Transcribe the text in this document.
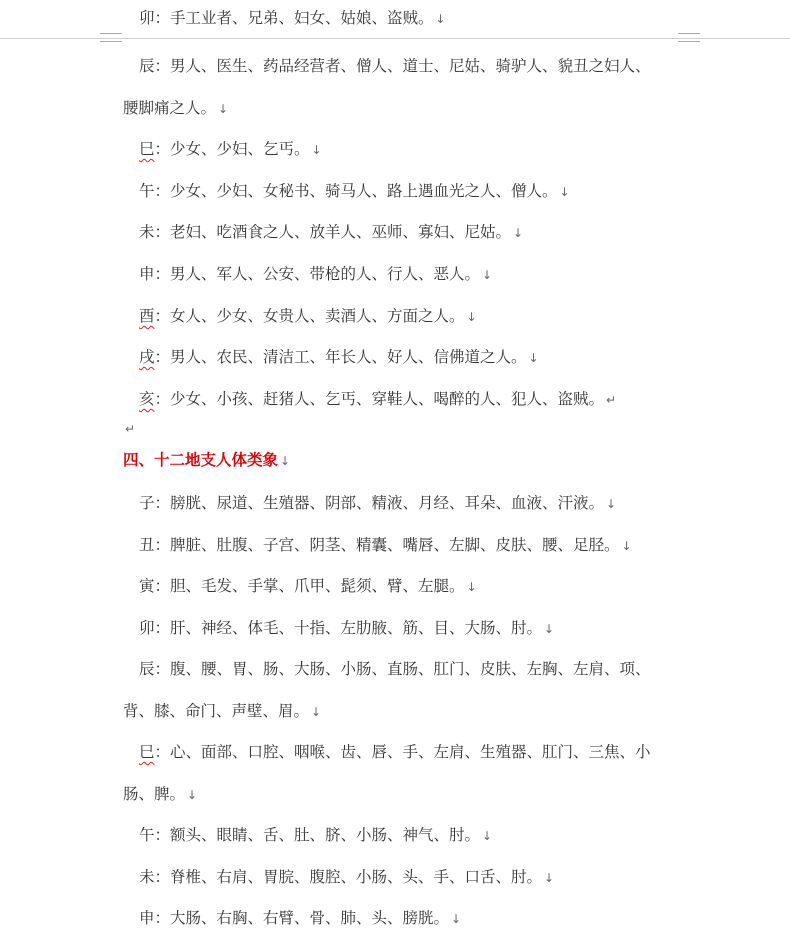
卯：手工业者、兄弟、妇女、姑娘、盗贼。 ↓
辰：男人、医生、药品经营者、僧人、道士、尼姑、骑驴人、貌丑之妇人、
腰脚痛之人。 ↓
巳：少女、少妇、乞丐。 ↓
午：少女、少妇、女秘书、骑马人、路上遇血光之人、僧人。 ↓
未：老妇、吃酒食之人、放羊人、巫师、寡妇、尼姑。 ↓
申：男人、军人、公安、带枪的人、行人、恶人。 ↓
酉：女人、少女、女贵人、卖酒人、方面之人。 ↓
戌：男人、农民、清洁工、年长人、好人、信佛道之人。 ↓
亥：少女、小孩、赶猪人、乞丐、穿鞋人、喝醉的人、犯人、盗贼。 ↵
↵
四、十二地支人体类象 ↓
子：膀胱、尿道、生殖器、阴部、精液、月经、耳朵、血液、汗液。 ↓
丑：脾脏、肚腹、子宫、阴茎、精囊、嘴唇、左脚、皮肤、腰、足胫。 ↓
寅：胆、毛发、手掌、爪甲、髭须、臂、左腿。 ↓
卯：肝、神经、体毛、十指、左肋腋、筋、目、大肠、肘。 ↓
辰：腹、腰、胃、肠、大肠、小肠、直肠、肛门、皮肤、左胸、左肩、项、
背、膝、命门、声壁、眉。 ↓
巳：心、面部、口腔、咽喉、齿、唇、手、左肩、生殖器、肛门、三焦、小
肠、脾。 ↓
午：额头、眼睛、舌、肚、脐、小肠、神气、肘。 ↓
未：脊椎、右肩、胃脘、腹腔、小肠、头、手、口舌、肘。 ↓
申：大肠、右胸、右臂、骨、肺、头、膀胱。 ↓
